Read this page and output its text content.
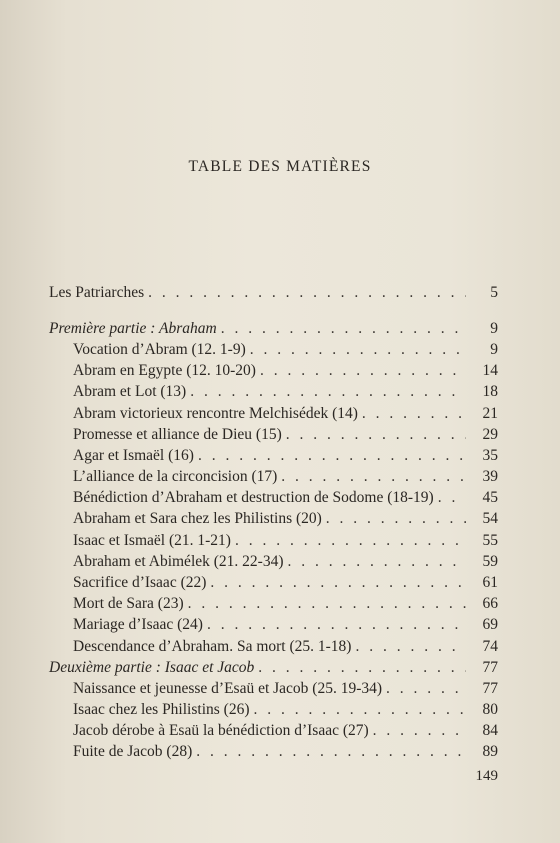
TABLE DES MATIÈRES
Les Patriarches . . .	5
Première partie : Abraham . . .	9
Vocation d’Abram (12. 1-9) . . .	9
Abram en Egypte (12. 10-20) . . .	14
Abram et Lot (13) . . .	18
Abram victorieux rencontre Melchisédek (14) . . .	21
Promesse et alliance de Dieu (15) . . .	29
Agar et Ismaël (16) . . .	35
L’alliance de la circoncision (17) . . .	39
Bénédiction d’Abraham et destruction de Sodome (18-19) . . .	45
Abraham et Sara chez les Philistins (20) . . .	54
Isaac et Ismaël (21. 1-21) . . .	55
Abraham et Abimélek (21. 22-34) . . .	59
Sacrifice d’Isaac (22) . . .	61
Mort de Sara (23) . . .	66
Mariage d’Isaac (24) . . .	69
Descendance d’Abraham. Sa mort (25. 1-18) . . .	74
Deuxième partie : Isaac et Jacob . . .	77
Naissance et jeunesse d’Esaü et Jacob (25. 19-34) . . .	77
Isaac chez les Philistins (26) . . .	80
Jacob dérobe à Esaü la bénédiction d’Isaac (27) . . .	84
Fuite de Jacob (28) . . .	89
149
